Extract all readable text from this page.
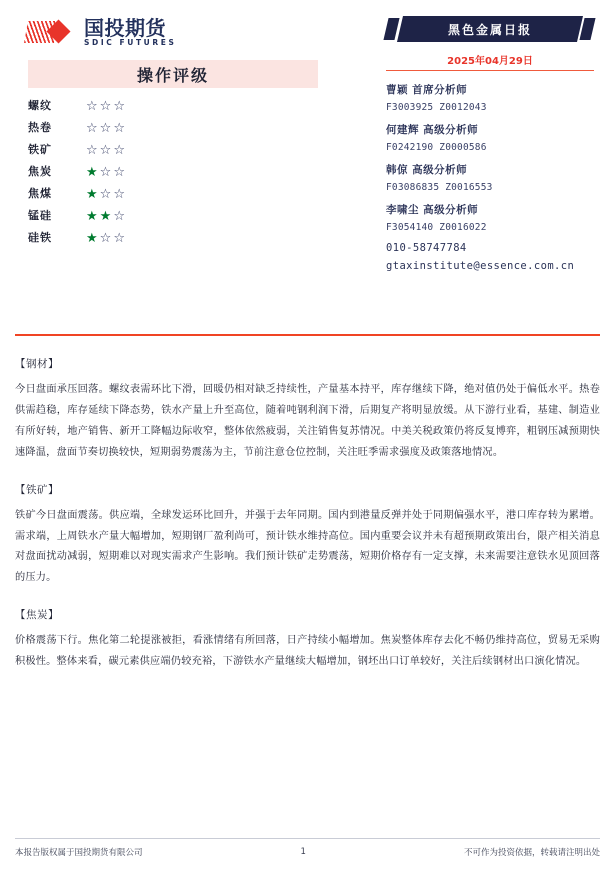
国投期货
SDIC FUTURES
操作评级
螺纹	☆ ☆ ☆
热卷	☆ ☆ ☆
铁矿	☆ ☆ ☆
焦炭	★ ☆ ☆
焦煤	★ ☆ ☆
锰硅	★ ★ ☆
硅铁	★ ☆ ☆
黑色金属日报
2025年04月29日
曹颖 首席分析师
F3003925 Z0012043
何建辉 高级分析师
F0242190 Z0000586
韩倞 高级分析师
F03086835 Z0016553
李啸尘 高级分析师
F3054140 Z0016022
010-58747784
gtaxinstitute@essence.com.cn
【钢材】
今日盘面承压回落。螺纹表需环比下滑，回暖仍相对缺乏持续性，产量基本持平，库存继续下降，绝对值仍处于偏低水平。热卷供需趋稳，库存延续下降态势，铁水产量上升至高位，随着吨钢利润下滑，后期复产将明显放缓。从下游行业看，基建、制造业有所好转，地产销售、新开工降幅边际收窄，整体依然疲弱，关注销售复苏情况。中美关税政策仍将反复博弈，粗钢压减预期快速降温，盘面节奏切换较快，短期弱势震荡为主，节前注意仓位控制，关注旺季需求强度及政策落地情况。
【铁矿】
铁矿今日盘面震荡。供应端，全球发运环比回升，并强于去年同期。国内到港量反弹并处于同期偏强水平，港口库存转为累增。需求端，上周铁水产量大幅增加，短期钢厂盈利尚可，预计铁水维持高位。国内重要会议并未有超预期政策出台，限产相关消息对盘面扰动减弱，短期难以对现实需求产生影响。我们预计铁矿走势震荡，短期价格存有一定支撑，未来需要注意铁水见顶回落的压力。
【焦炭】
价格震荡下行。焦化第二轮提涨被拒，看涨情绪有所回落，日产持续小幅增加。焦炭整体库存去化不畅仍维持高位，贸易无采购积极性。整体来看，碳元素供应端仍较充裕，下游铁水产量继续大幅增加，钢坯出口订单较好，关注后续钢材出口演化情况。
本报告版权属于国投期货有限公司	1	不可作为投资依据，转载请注明出处
